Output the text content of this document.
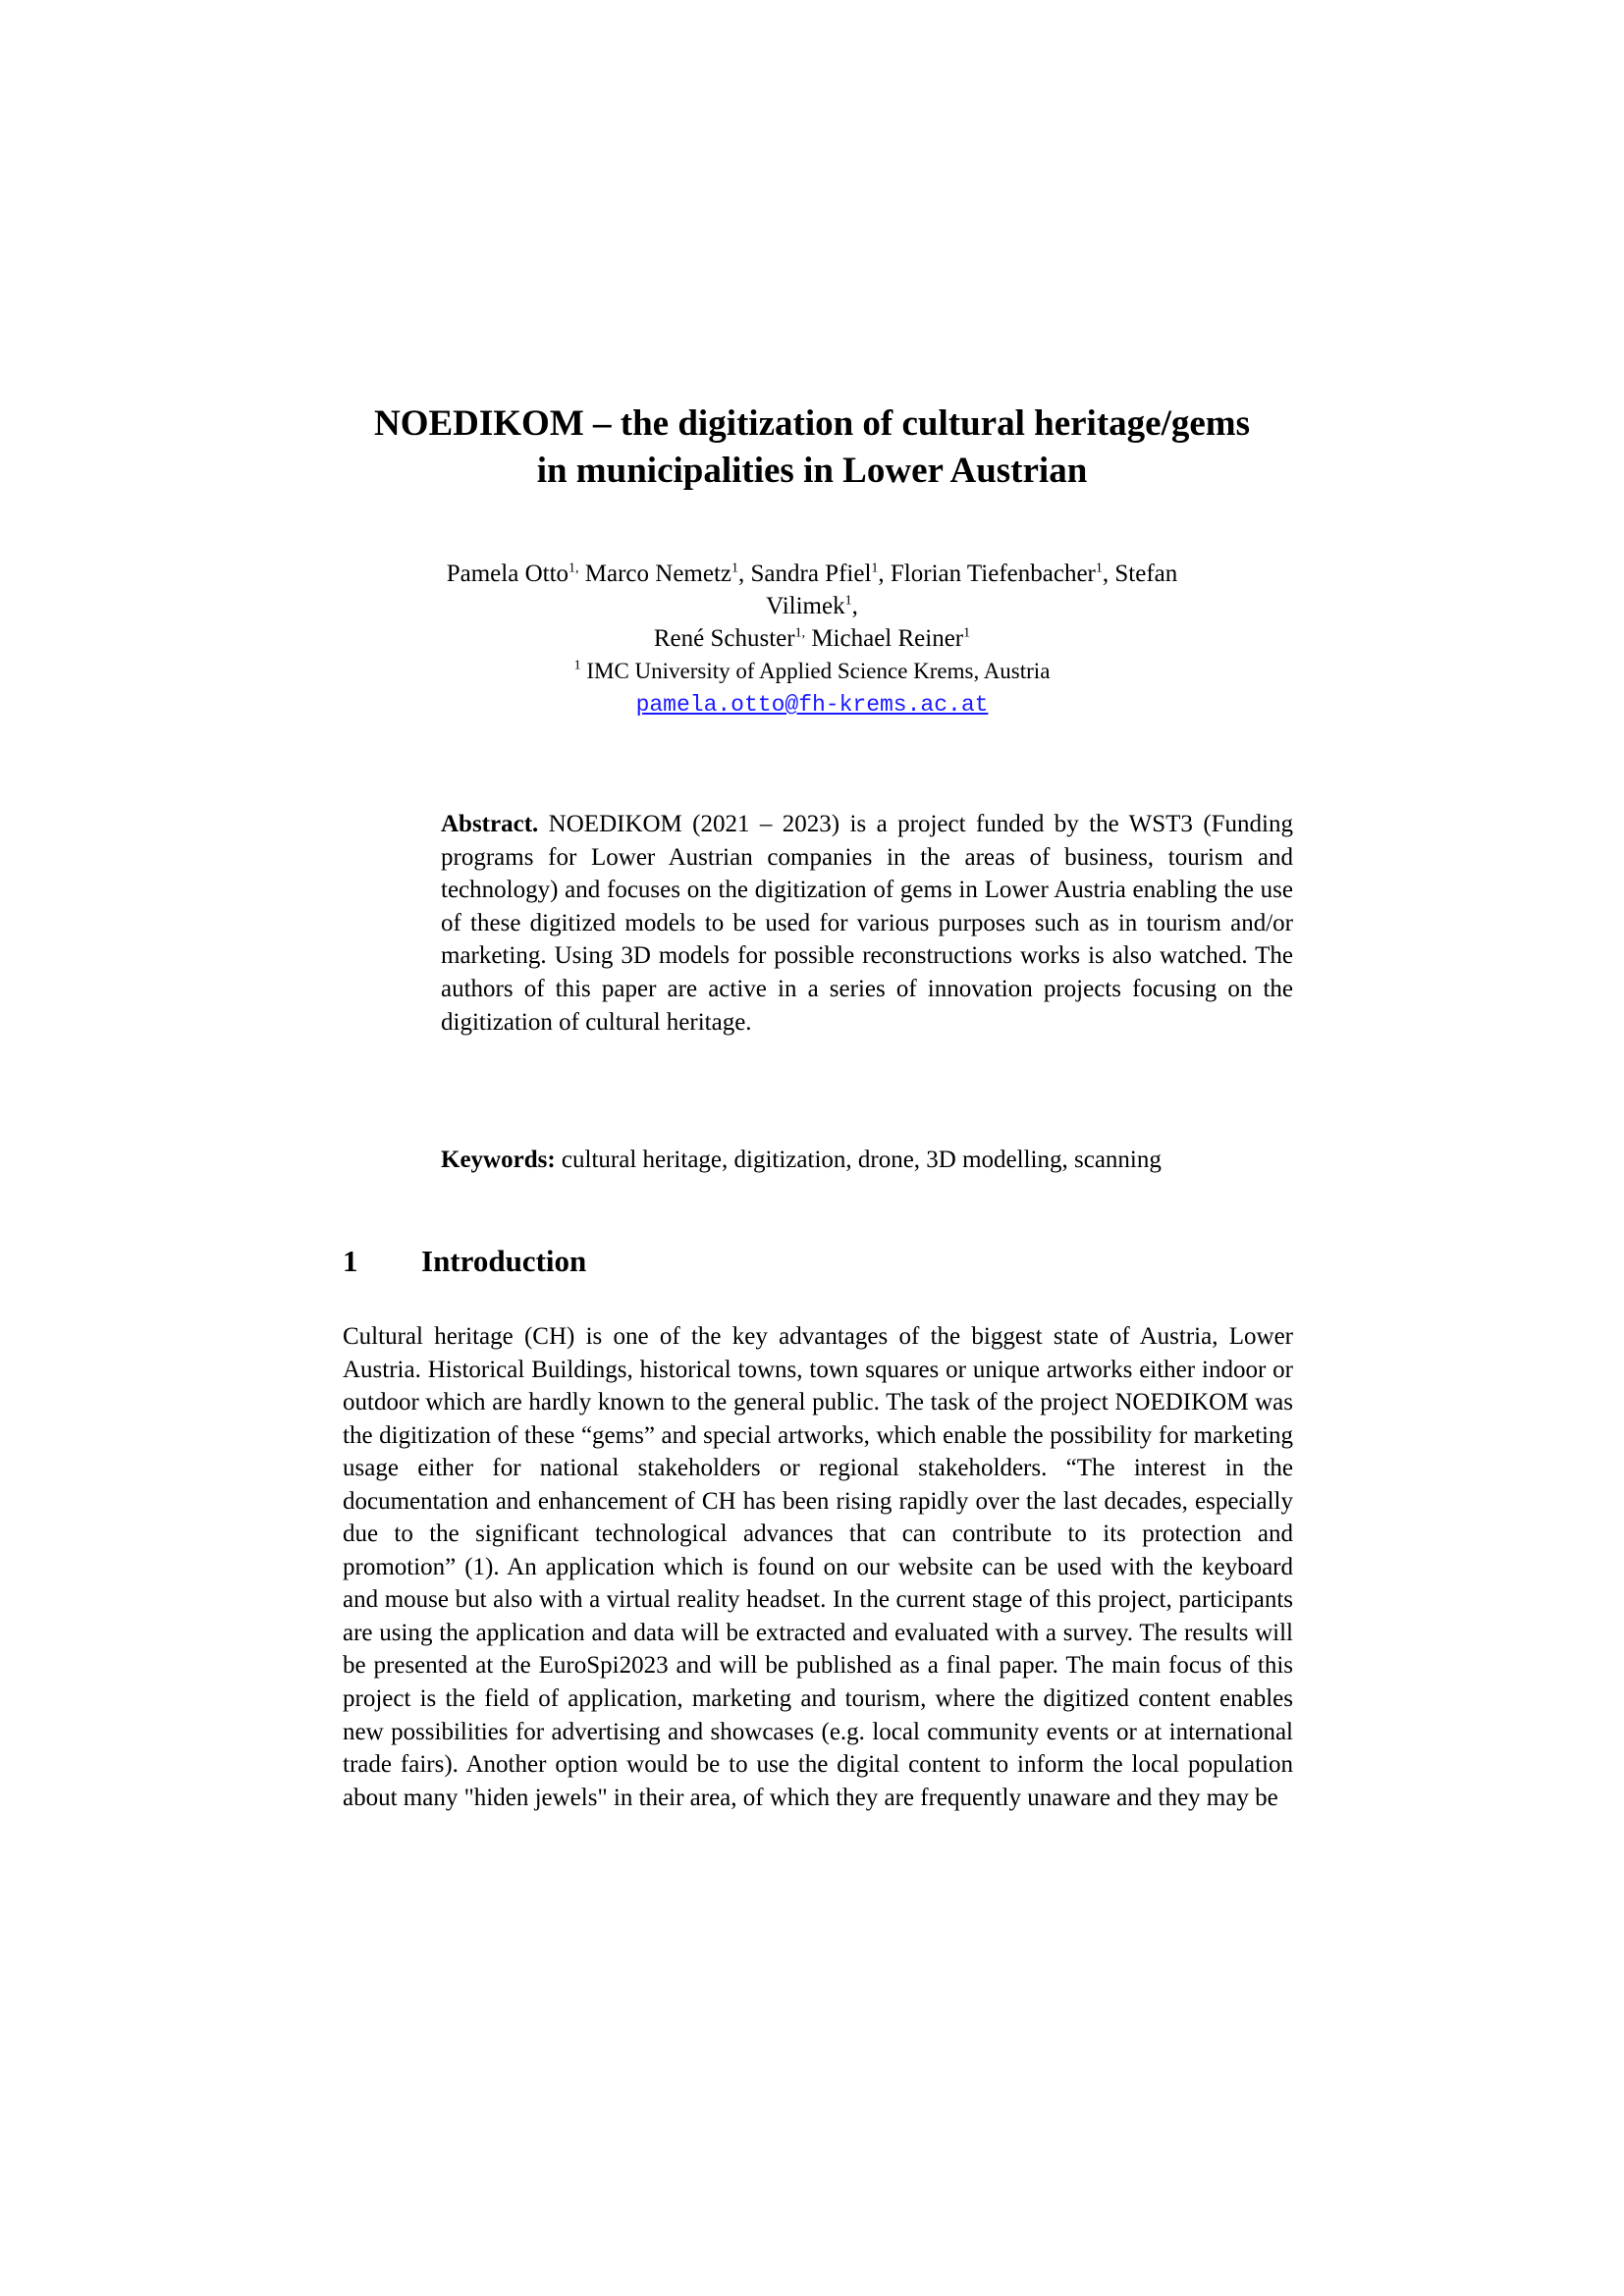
NOEDIKOM – the digitization of cultural heritage/gems
in municipalities in Lower Austrian
Pamela Otto$^{1,}$ Marco Nemetz$^1$, Sandra Pfiel$^1$, Florian Tiefenbacher$^1$, Stefan
Vilimek$^1$,
René Schuster$^{1,}$ Michael Reiner$^1$
$^1$ IMC University of Applied Science Krems, Austria
pamela.otto@fh-krems.ac.at
Abstract. NOEDIKOM (2021 – 2023) is a project funded by the WST3 (Funding programs for Lower Austrian companies in the areas of business, tourism and technology) and focuses on the digitization of gems in Lower Austria enabling the use of these digitized models to be used for various purposes such as in tourism and/or marketing. Using 3D models for possible reconstructions works is also watched. The authors of this paper are active in a series of innovation projects focusing on the digitization of cultural heritage.
Keywords: cultural heritage, digitization, drone, 3D modelling, scanning
1 Introduction
Cultural heritage (CH) is one of the key advantages of the biggest state of Austria, Lower Austria. Historical Buildings, historical towns, town squares or unique artworks either indoor or outdoor which are hardly known to the general public. The task of the project NOEDIKOM was the digitization of these “gems” and special artworks, which enable the possibility for marketing usage either for national stakeholders or regional stakeholders. “The interest in the documentation and enhancement of CH has been rising rapidly over the last decades, especially due to the significant technological advances that can contribute to its protection and promotion” (1). An application which is found on our website can be used with the keyboard and mouse but also with a virtual reality headset. In the current stage of this project, participants are using the application and data will be extracted and evaluated with a survey. The results will be presented at the EuroSpi2023 and will be published as a final paper. The main focus of this project is the field of application, marketing and tourism, where the digitized content enables new possibilities for advertising and showcases (e.g. local community events or at international trade fairs). Another option would be to use the digital content to inform the local population about many "hiden jewels" in their area, of which they are frequently unaware and they may be
